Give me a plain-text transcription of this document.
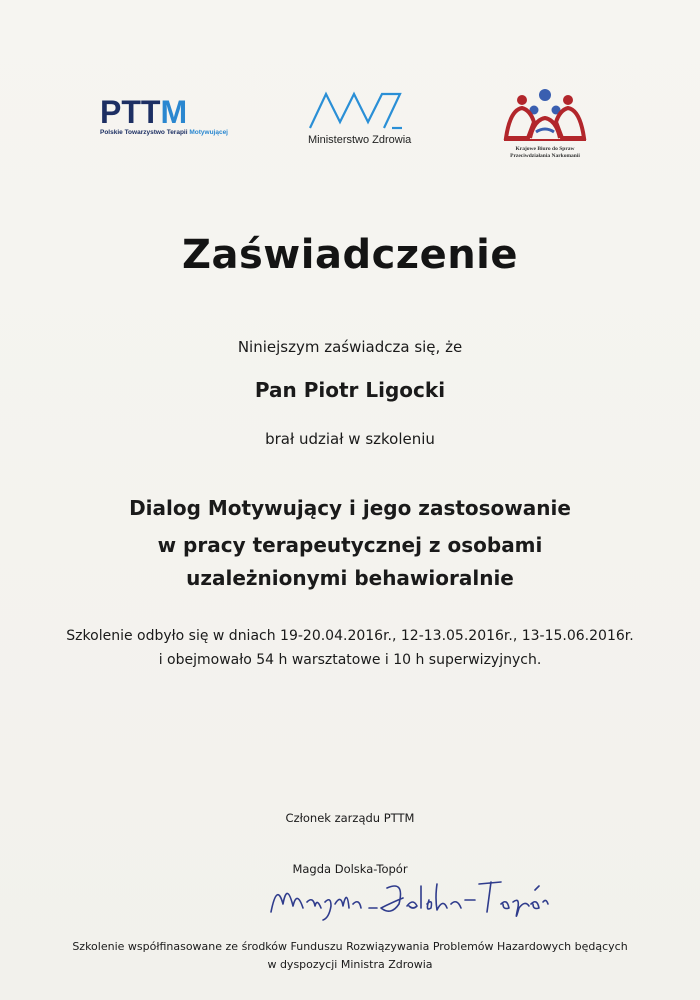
PTTM
Polskie Towarzystwo Terapii Motywującej
Ministerstwo Zdrowia
Krajowe Biuro do Spraw
Przeciwdziałania Narkomanii
Zaświadczenie
Niniejszym zaświadcza się, że
Pan Piotr Ligocki
brał udział w szkoleniu
Dialog Motywujący i jego zastosowanie
w pracy terapeutycznej z osobami
uzależnionymi behawioralnie
Szkolenie odbyło się w dniach 19-20.04.2016r., 12-13.05.2016r., 13-15.06.2016r.
i obejmowało 54 h warsztatowe i 10 h superwizyjnych.
Członek zarządu PTTM
Magda Dolska-Topór
Szkolenie współfinasowane ze środków Funduszu Rozwiązywania Problemów Hazardowych będących
w dyspozycji Ministra Zdrowia
